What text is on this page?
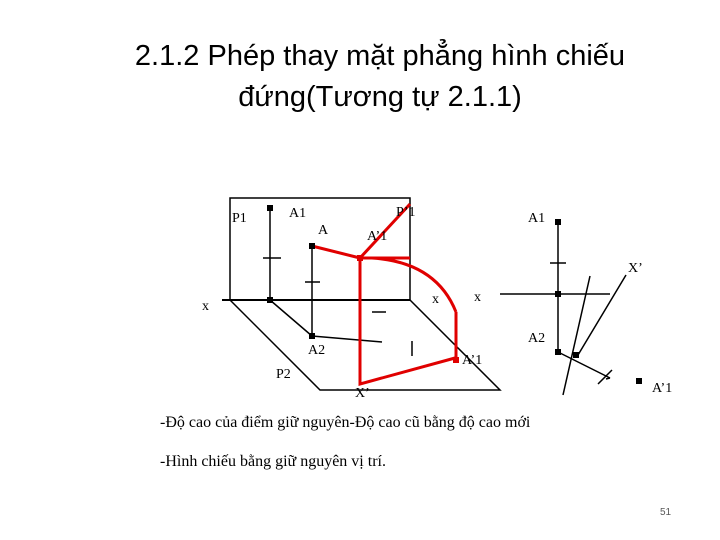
2.1.2 Phép thay mặt phẳng hình chiếu
đứng(Tương tự 2.1.1)
P1	A1
A	A’1
P’1	A1
X’
x	x	x
A2
A2
P2
A’1
X’	A’1
-Độ cao của điểm giữ nguyên-Độ cao cũ bằng độ cao mới
-Hình chiếu bằng giữ nguyên vị trí.
51
